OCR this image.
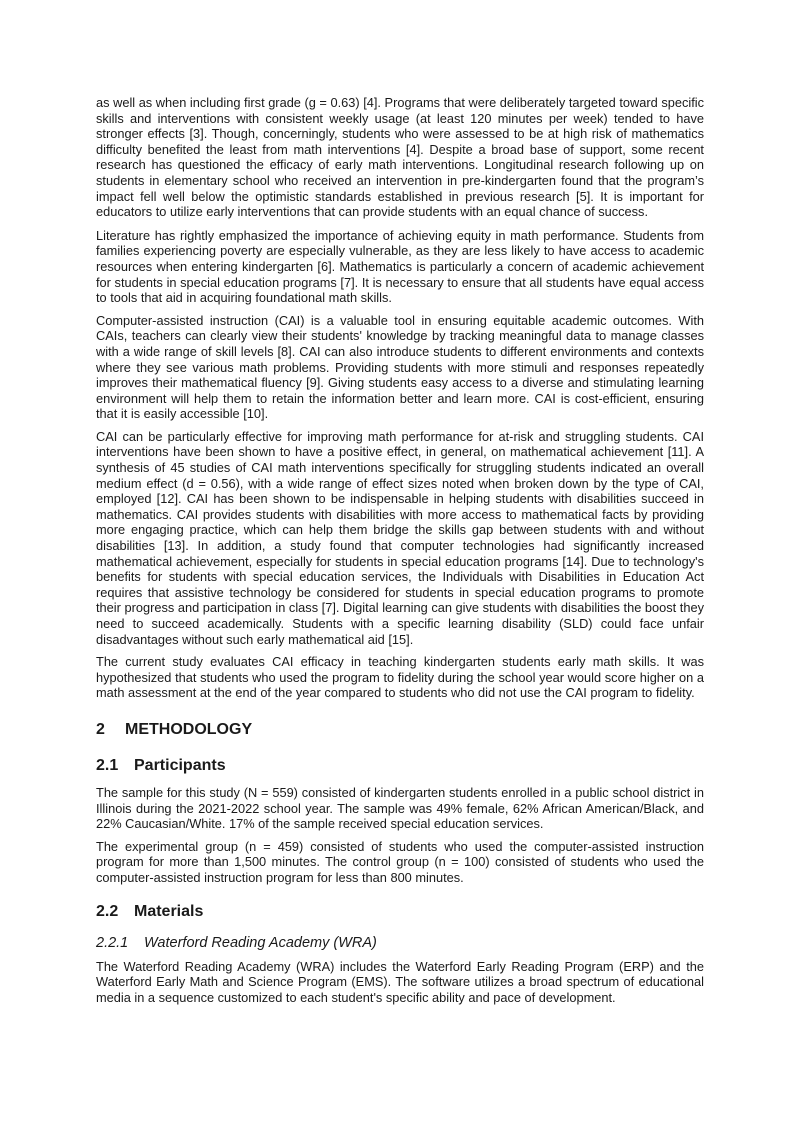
as well as when including first grade (g = 0.63) [4]. Programs that were deliberately targeted toward specific skills and interventions with consistent weekly usage (at least 120 minutes per week) tended to have stronger effects [3]. Though, concerningly, students who were assessed to be at high risk of mathematics difficulty benefited the least from math interventions [4]. Despite a broad base of support, some recent research has questioned the efficacy of early math interventions. Longitudinal research following up on students in elementary school who received an intervention in pre-kindergarten found that the program’s impact fell well below the optimistic standards established in previous research [5]. It is important for educators to utilize early interventions that can provide students with an equal chance of success.

Literature has rightly emphasized the importance of achieving equity in math performance. Students from families experiencing poverty are especially vulnerable, as they are less likely to have access to academic resources when entering kindergarten [6]. Mathematics is particularly a concern of academic achievement for students in special education programs [7]. It is necessary to ensure that all students have equal access to tools that aid in acquiring foundational math skills.

Computer-assisted instruction (CAI) is a valuable tool in ensuring equitable academic outcomes. With CAIs, teachers can clearly view their students' knowledge by tracking meaningful data to manage classes with a wide range of skill levels [8]. CAI can also introduce students to different environments and contexts where they see various math problems. Providing students with more stimuli and responses repeatedly improves their mathematical fluency [9]. Giving students easy access to a diverse and stimulating learning environment will help them to retain the information better and learn more. CAI is cost-efficient, ensuring that it is easily accessible [10].

CAI can be particularly effective for improving math performance for at-risk and struggling students. CAI interventions have been shown to have a positive effect, in general, on mathematical achievement [11]. A synthesis of 45 studies of CAI math interventions specifically for struggling students indicated an overall medium effect (d = 0.56), with a wide range of effect sizes noted when broken down by the type of CAI, employed [12]. CAI has been shown to be indispensable in helping students with disabilities succeed in mathematics. CAI provides students with disabilities with more access to mathematical facts by providing more engaging practice, which can help them bridge the skills gap between students with and without disabilities [13]. In addition, a study found that computer technologies had significantly increased mathematical achievement, especially for students in special education programs [14]. Due to technology's benefits for students with special education services, the Individuals with Disabilities in Education Act requires that assistive technology be considered for students in special education programs to promote their progress and participation in class [7]. Digital learning can give students with disabilities the boost they need to succeed academically. Students with a specific learning disability (SLD) could face unfair disadvantages without such early mathematical aid [15].

The current study evaluates CAI efficacy in teaching kindergarten students early math skills. It was hypothesized that students who used the program to fidelity during the school year would score higher on a math assessment at the end of the year compared to students who did not use the CAI program to fidelity.

2	METHODOLOGY
2.1 Participants

The sample for this study (N = 559) consisted of kindergarten students enrolled in a public school district in Illinois during the 2021-2022 school year. The sample was 49% female, 62% African American/Black, and 22% Caucasian/White. 17% of the sample received special education services.

The experimental group (n = 459) consisted of students who used the computer-assisted instruction program for more than 1,500 minutes. The control group (n = 100) consisted of students who used the computer-assisted instruction program for less than 800 minutes.

2.2 Materials
2.2.1	Waterford Reading Academy (WRA)

The Waterford Reading Academy (WRA) includes the Waterford Early Reading Program (ERP) and the Waterford Early Math and Science Program (EMS). The software utilizes a broad spectrum of educational media in a sequence customized to each student's specific ability and pace of development.
